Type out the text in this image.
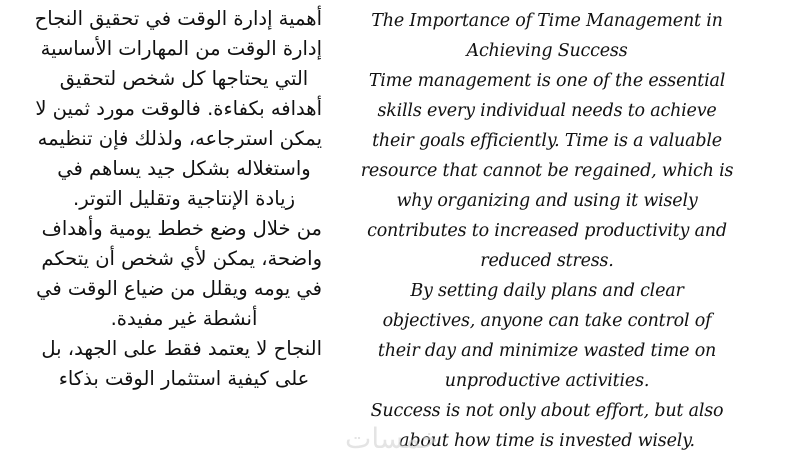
أهمية إدارة الوقت في تحقيق النجاح
إدارة الوقت من المهارات الأساسية
التي يحتاجها كل شخص لتحقيق
أهدافه بكفاءة. فالوقت مورد ثمين لا
يمكن استرجاعه، ولذلك فإن تنظيمه
واستغلاله بشكل جيد يساهم في
زيادة الإنتاجية وتقليل التوتر.
من خلال وضع خطط يومية وأهداف
واضحة، يمكن لأي شخص أن يتحكم
في يومه ويقلل من ضياع الوقت في
أنشطة غير مفيدة.
النجاح لا يعتمد فقط على الجهد، بل
على كيفية استثمار الوقت بذكاء
The Importance of Time Management in
Achieving Success
Time management is one of the essential
skills every individual needs to achieve
their goals efficiently. Time is a valuable
resource that cannot be regained, which is
why organizing and using it wisely
contributes to increased productivity and
reduced stress.
By setting daily plans and clear
objectives, anyone can take control of
their day and minimize wasted time on
unproductive activities.
Success is not only about effort, but also
about how time is invested wisely.
خمسات
